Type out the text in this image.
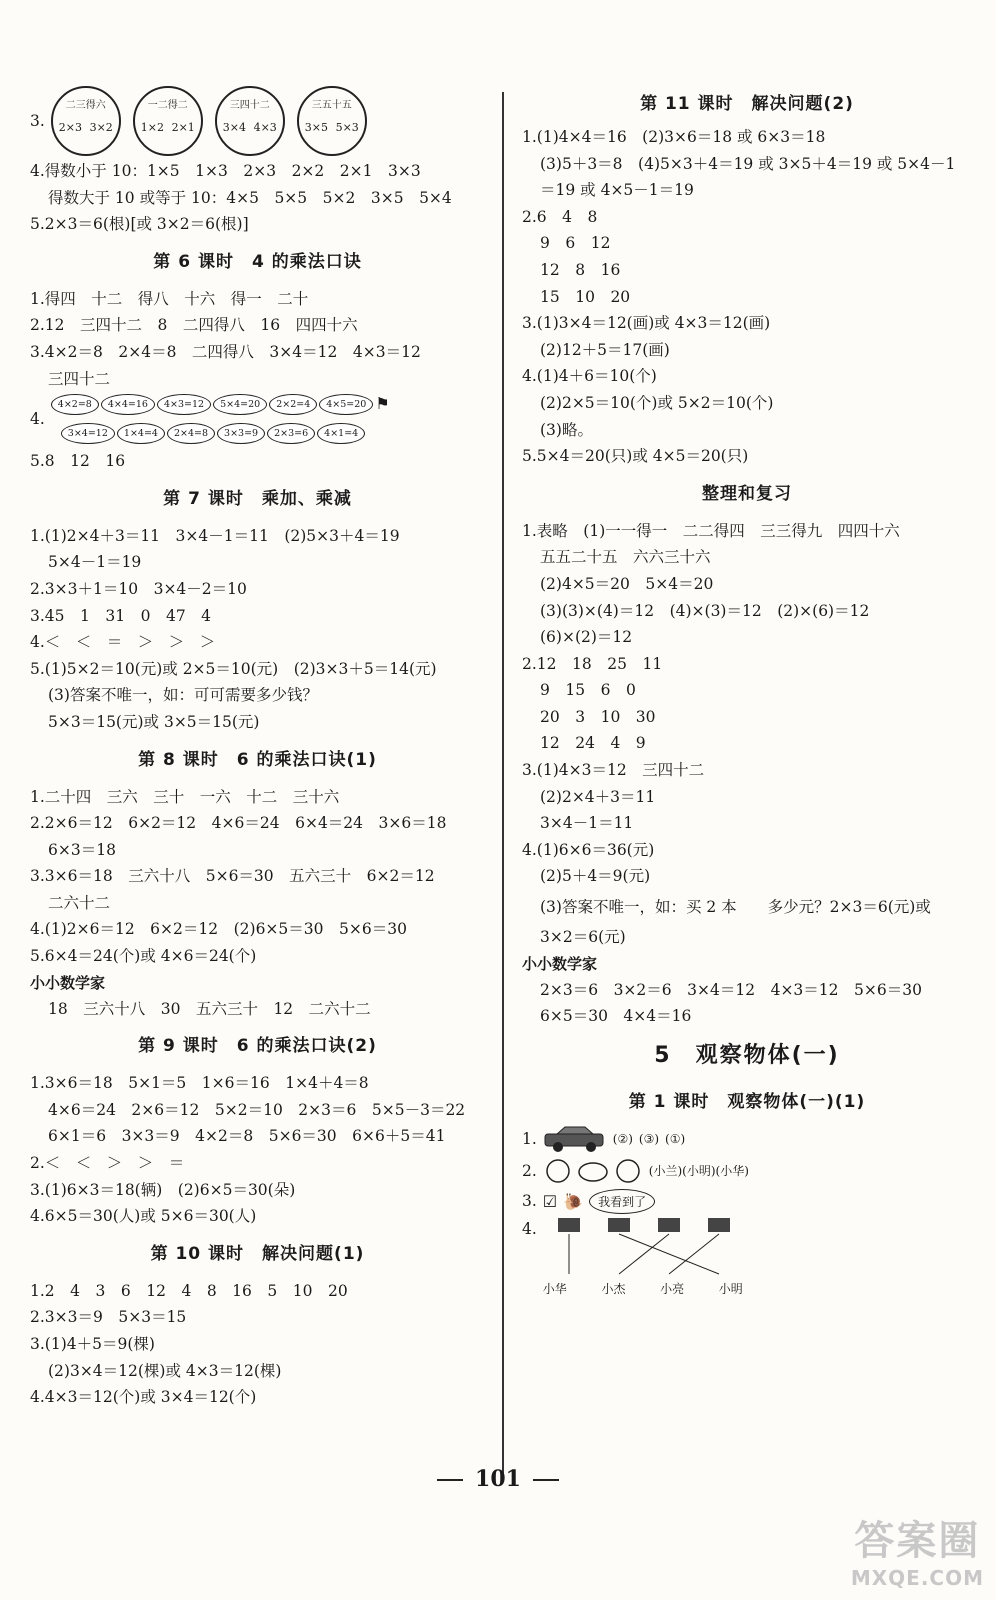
3.
二三得六
2×3 3×2
一二得二
1×2 2×1
三四十二
3×4 4×3
三五十五
3×5 5×3
4.得数小于 10：1×5　1×3　2×3　2×2　2×1　3×3
得数大于 10 或等于 10：4×5　5×5　5×2　3×5　5×4
5.2×3＝6(根)[或 3×2＝6(根)]
第 6 课时　4 的乘法口诀
1.得四　十二　得八　十六　得一　二十
2.12　三四十二　8　二四得八　16　四四十六
3.4×2＝8　2×4＝8　二四得八　3×4＝12　4×3＝12
三四十二
4.
4×2=8	4×4=16	4×3=12	5×4=20	2×2=4	4×5=20 ⚑
3×4=12	1×4=4	2×4=8	3×3=9	2×3=6	4×1=4
5.8　12　16
第 7 课时　乘加、乘减
1.(1)2×4＋3＝11　3×4－1＝11　(2)5×3＋4＝19
5×4－1＝19
2.3×3＋1＝10　3×4－2＝10
3.45　1　31　0　47　4
4.＜　＜　＝　＞　＞　＞
5.(1)5×2＝10(元)或 2×5＝10(元)　(2)3×3＋5＝14(元)
(3)答案不唯一，如：可可需要多少钱？
5×3＝15(元)或 3×5＝15(元)
第 8 课时　6 的乘法口诀(1)
1.二十四　三六　三十　一六　十二　三十六
2.2×6＝12　6×2＝12　4×6＝24　6×4＝24　3×6＝18
6×3＝18
3.3×6＝18　三六十八　5×6＝30　五六三十　6×2＝12
二六十二
4.(1)2×6＝12　6×2＝12　(2)6×5＝30　5×6＝30
5.6×4＝24(个)或 4×6＝24(个)
小小数学家
18　三六十八　30　五六三十　12　二六十二
第 9 课时　6 的乘法口诀(2)
1.3×6＝18　5×1＝5　1×6＝16　1×4＋4＝8
4×6＝24　2×6＝12　5×2＝10　2×3＝6　5×5－3＝22
6×1＝6　3×3＝9　4×2＝8　5×6＝30　6×6＋5＝41
2.＜　＜　＞　＞　＝
3.(1)6×3＝18(辆)　(2)6×5＝30(朵)
4.6×5＝30(人)或 5×6＝30(人)
第 10 课时　解决问题(1)
1.2　4　3　6　12　4　8　16　5　10　20
2.3×3＝9　5×3＝15
3.(1)4＋5＝9(棵)
(2)3×4＝12(棵)或 4×3＝12(棵)
4.4×3＝12(个)或 3×4＝12(个)
第 11 课时　解决问题(2)
1.(1)4×4＝16　(2)3×6＝18 或 6×3＝18
(3)5＋3＝8　(4)5×3＋4＝19 或 3×5＋4＝19 或 5×4－1
＝19 或 4×5－1＝19
2.6　4　8
9　6　12
12　8　16
15　10　20
3.(1)3×4＝12(画)或 4×3＝12(画)
(2)12＋5＝17(画)
4.(1)4＋6＝10(个)
(2)2×5＝10(个)或 5×2＝10(个)
(3)略。
5.5×4＝20(只)或 4×5＝20(只)
整理和复习
1.表略　(1)一一得一　二二得四　三三得九　四四十六
五五二十五　六六三十六
(2)4×5＝20　5×4＝20
(3)(3)×(4)＝12　(4)×(3)＝12　(2)×(6)＝12
(6)×(2)＝12
2.12　18　25　11
9　15　6　0
20　3　10　30
12　24　4　9
3.(1)4×3＝12　三四十二
(2)2×4＋3＝11
3×4－1＝11
4.(1)6×6＝36(元)
(2)5＋4＝9(元)
(3)答案不唯一，如：买 2 本　　多少元？2×3＝6(元)或
3×2＝6(元)
小小数学家
2×3＝6　3×2＝6　3×4＝12　4×3＝12　5×6＝30
6×5＝30　4×4＝16
5　观察物体(一)
第 1 课时　观察物体(一)(1)
1.	(②) (③) (①)
2.	(小兰)(小明)(小华)
3. ☑ 🐌	我看到了
4.
小华	小杰	小亮	小明
101
答案圈
MXQE.COM
